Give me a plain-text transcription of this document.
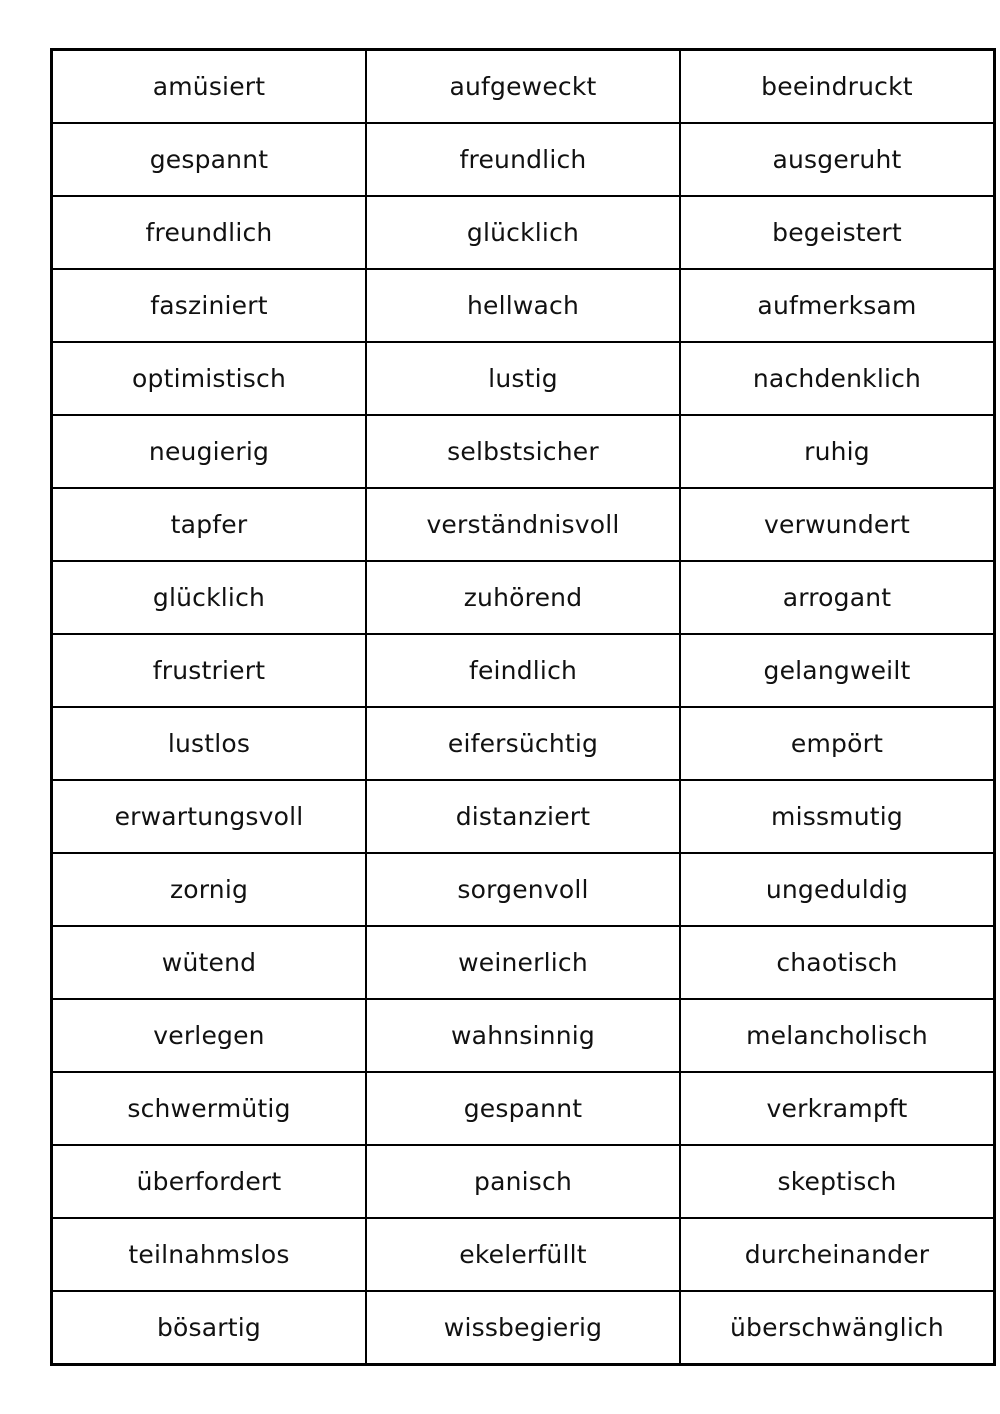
amüsiert	aufgeweckt	beeindruckt
gespannt	freundlich	ausgeruht
freundlich	glücklich	begeistert
fasziniert	hellwach	aufmerksam
optimistisch	lustig	nachdenklich
neugierig	selbstsicher	ruhig
tapfer	verständnisvoll	verwundert
glücklich	zuhörend	arrogant
frustriert	feindlich	gelangweilt
lustlos	eifersüchtig	empört
erwartungsvoll	distanziert	missmutig
zornig	sorgenvoll	ungeduldig
wütend	weinerlich	chaotisch
verlegen	wahnsinnig	melancholisch
schwermütig	gespannt	verkrampft
überfordert	panisch	skeptisch
teilnahmslos	ekelerfüllt	durcheinander
bösartig	wissbegierig	überschwänglich
